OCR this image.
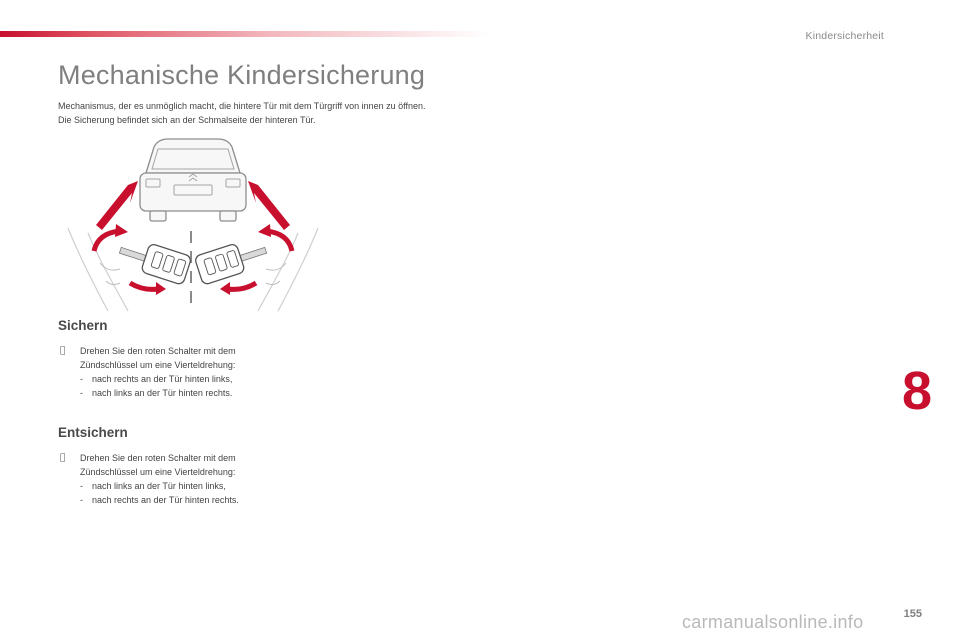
Kindersicherheit
Mechanische Kindersicherung

Mechanismus, der es unmöglich macht, die hintere Tür mit dem Türgriff von innen zu öffnen.

Die Sicherung befindet sich an der Schmalseite der hinteren Tür.

Sichern
Drehen Sie den roten Schalter mit dem
Zündschlüssel um eine Vierteldrehung:
- nach rechts an der Tür hinten links,
- nach links an der Tür hinten rechts.
Entsichern
Drehen Sie den roten Schalter mit dem
Zündschlüssel um eine Vierteldrehung:
- nach links an der Tür hinten links,
- nach rechts an der Tür hinten rechts.
8
155
carmanualsonline.info
